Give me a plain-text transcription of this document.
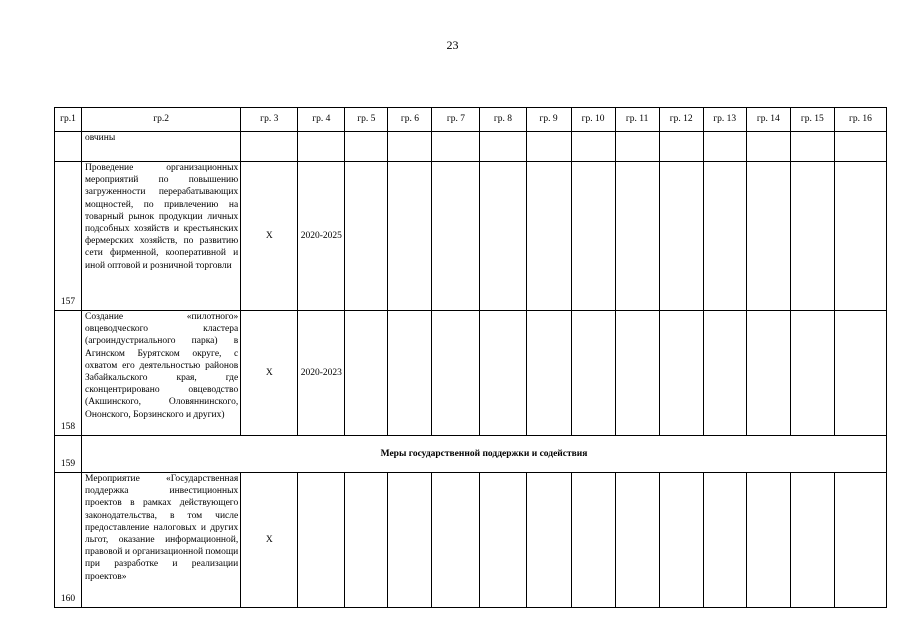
23
гр.1	гр.2	гр. 3	гр. 4	гр. 5	гр. 6	гр. 7	гр. 8	гр. 9	гр. 10	гр. 11	гр. 12	гр. 13	гр. 14	гр. 15	гр. 16
	овчины														
157	Проведение организационных мероприятий по повышению загруженности перерабатывающих мощностей, по привлечению на товарный рынок продукции личных подсобных хозяйств и крестьянских фермерских хозяйств, по развитию сети фирменной, кооперативной и иной оптовой и розничной торговли	X	2020-2025												
158	Создание «пилотного» овцеводческого кластера (агроиндустриального парка) в Агинском Бурятском округе, с охватом его деятельностью районов Забайкальского края, где сконцентрировано овцеводство (Акшинского, Оловяннинского, Ононского, Борзинского и других)	X	2020-2023												
159	Меры государственной поддержки и содействия														
160	Мероприятие «Государственная поддержка инвестиционных проектов в рамках действующего законодательства, в том числе предоставление налоговых и других льгот, оказание информационной, правовой и организационной помощи при разработке и реализации проектов»	X													
